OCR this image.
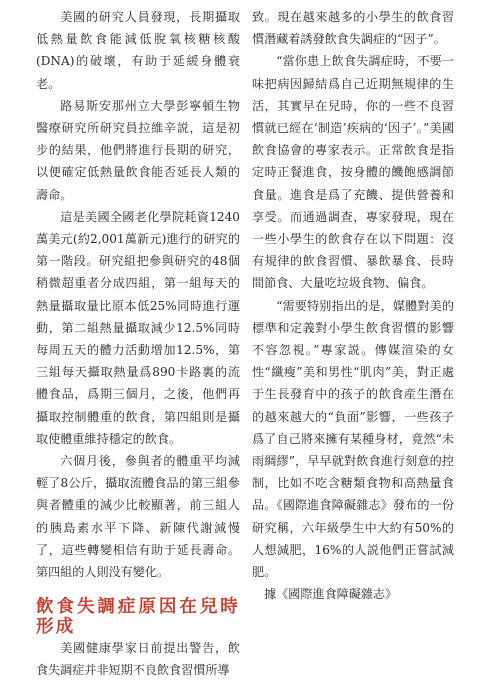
美國的研究人員發現，長期攝取低熱量飲食能減低脫氧核糖核酸(DNA)的破壞，有助于延緩身體衰老。

路易斯安那州立大學彭寧頓生物醫療研究所研究員拉維辛説，這是初步的結果，他們將進行長期的研究，以便確定低熱量飲食能否延長人類的壽命。

這是美國全國老化學院耗資1240萬美元(約2,001萬新元)進行的研究的第一階段。研究組把參與研究的48個稍微超重者分成四組，第一組每天的熱量攝取量比原本低25%同時進行運動，第二組熱量攝取減少12.5%同時每周五天的體力活動增加12.5%，第三組每天攝取熱量爲890卡路裏的流體食品，爲期三個月，之後，他們再攝取控制體重的飲食，第四組則是攝取使體重維持穩定的飲食。

六個月後，參與者的體重平均減輕了8公斤，攝取流體食品的第三組參與者體重的減少比較顯著，前三組人的胰島素水平下降、新陳代謝減慢了，這些轉變相信有助于延長壽命。第四組的人則没有變化。

飲食失調症原因在兒時形成

美國健康學家日前提出警告，飲食失調症并非短期不良飲食習慣所導

致。現在越來越多的小學生的飲食習慣潛藏着誘發飲食失調症的“因子”。

“當你患上飲食失調症時，不要一味把病因歸結爲自己近期無規律的生活，其實早在兒時，你的一些不良習慣就已經在‘制造’疾病的‘因子’。”美國飲食協會的專家表示。正常飲食是指定時正餐進食，按身體的饑飽感調節食量。進食是爲了充饑、提供營養和享受。而通過調查，專家發現，現在一些小學生的飲食存在以下問題：沒有規律的飲食習慣、暴飲暴食、長時間節食、大量吃垃圾食物、偏食。

“需要特别指出的是，媒體對美的標準和定義對小學生飲食習慣的影響不容忽視。”專家説。傳媒渲染的女性“纖瘦”美和男性“肌肉”美，對正處于生長發育中的孩子的飲食産生潛在的越來越大的“負面”影響，一些孩子爲了自己將來擁有某種身材，竟然“未雨綢繆”，早早就對飲食進行刻意的控制，比如不吃含糖類食物和高熱量食品。《國際進食障礙雜志》發布的一份研究稱，六年級學生中大約有50%的人想減肥，16%的人説他們正嘗試減肥。

據《國際進食障礙雜志》
